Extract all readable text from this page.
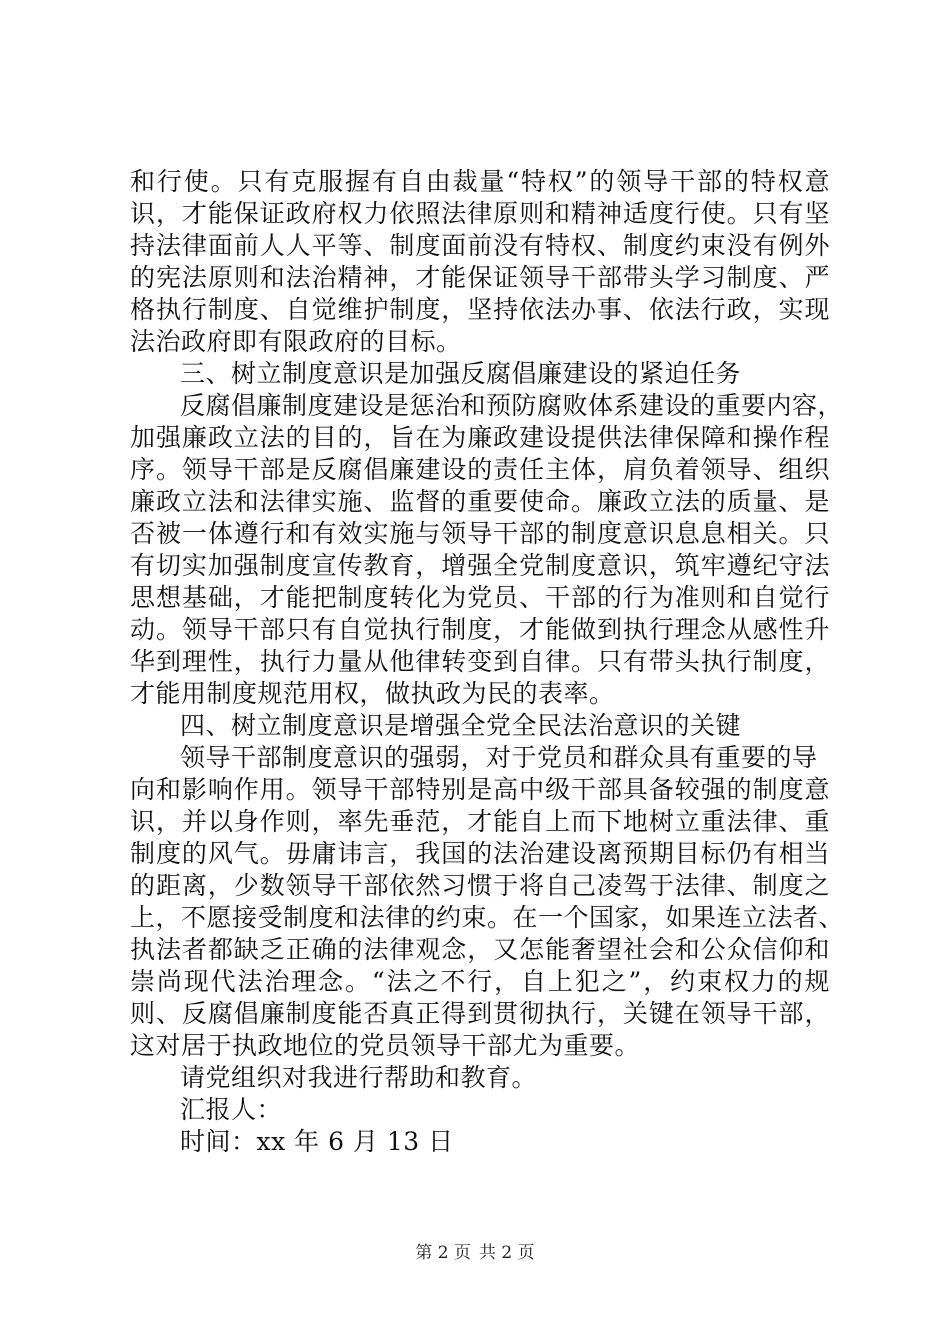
和行使。只有克服握有自由裁量“特权”的领导干部的特权意
识，才能保证政府权力依照法律原则和精神适度行使。只有坚
持法律面前人人平等、制度面前没有特权、制度约束没有例外
的宪法原则和法治精神，才能保证领导干部带头学习制度、严
格执行制度、自觉维护制度，坚持依法办事、依法行政，实现
法治政府即有限政府的目标。
三、树立制度意识是加强反腐倡廉建设的紧迫任务
反腐倡廉制度建设是惩治和预防腐败体系建设的重要内容，
加强廉政立法的目的，旨在为廉政建设提供法律保障和操作程
序。领导干部是反腐倡廉建设的责任主体，肩负着领导、组织
廉政立法和法律实施、监督的重要使命。廉政立法的质量、是
否被一体遵行和有效实施与领导干部的制度意识息息相关。只
有切实加强制度宣传教育，增强全党制度意识，筑牢遵纪守法
思想基础，才能把制度转化为党员、干部的行为准则和自觉行
动。领导干部只有自觉执行制度，才能做到执行理念从感性升
华到理性，执行力量从他律转变到自律。只有带头执行制度，
才能用制度规范用权，做执政为民的表率。
四、树立制度意识是增强全党全民法治意识的关键
领导干部制度意识的强弱，对于党员和群众具有重要的导
向和影响作用。领导干部特别是高中级干部具备较强的制度意
识，并以身作则，率先垂范，才能自上而下地树立重法律、重
制度的风气。毋庸讳言，我国的法治建设离预期目标仍有相当
的距离，少数领导干部依然习惯于将自己凌驾于法律、制度之
上，不愿接受制度和法律的约束。在一个国家，如果连立法者、
执法者都缺乏正确的法律观念，又怎能奢望社会和公众信仰和
崇尚现代法治理念。“法之不行，自上犯之”，约束权力的规
则、反腐倡廉制度能否真正得到贯彻执行，关键在领导干部，
这对居于执政地位的党员领导干部尤为重要。
请党组织对我进行帮助和教育。
汇报人：
时间：xx 年 6 月 13 日
第 2 页 共 2 页
